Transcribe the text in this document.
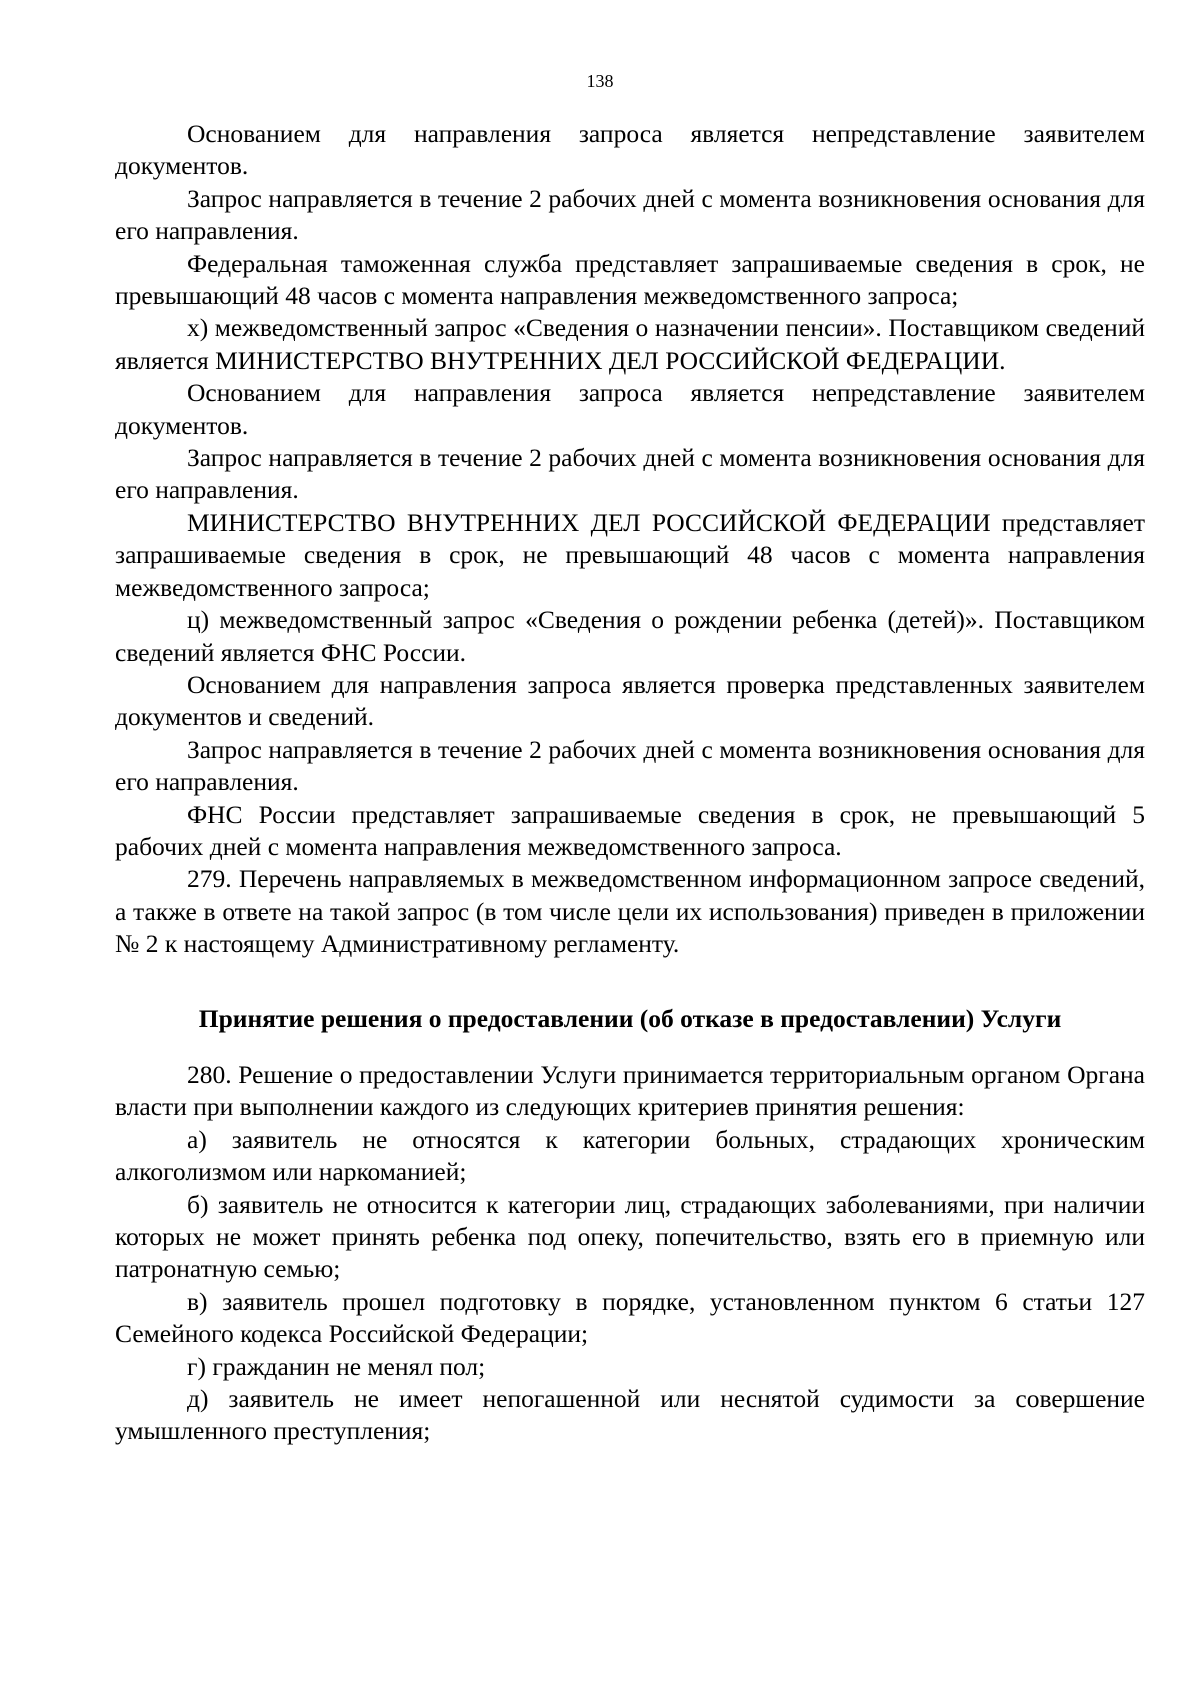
138

Основанием для направления запроса является непредставление заявителем документов.

Запрос направляется в течение 2 рабочих дней с момента возникновения основания для его направления.

Федеральная таможенная служба представляет запрашиваемые сведения в срок, не превышающий 48 часов с момента направления межведомственного запроса;

х) межведомственный запрос «Сведения о назначении пенсии». Поставщиком сведений является МИНИСТЕРСТВО ВНУТРЕННИХ ДЕЛ РОССИЙСКОЙ ФЕДЕРАЦИИ.

Основанием для направления запроса является непредставление заявителем документов.

Запрос направляется в течение 2 рабочих дней с момента возникновения основания для его направления.

МИНИСТЕРСТВО ВНУТРЕННИХ ДЕЛ РОССИЙСКОЙ ФЕДЕРАЦИИ представляет запрашиваемые сведения в срок, не превышающий 48 часов с момента направления межведомственного запроса;

ц) межведомственный запрос «Сведения о рождении ребенка (детей)». Поставщиком сведений является ФНС России.

Основанием для направления запроса является проверка представленных заявителем документов и сведений.

Запрос направляется в течение 2 рабочих дней с момента возникновения основания для его направления.

ФНС России представляет запрашиваемые сведения в срок, не превышающий 5 рабочих дней с момента направления межведомственного запроса.

279. Перечень направляемых в межведомственном информационном запросе сведений, а также в ответе на такой запрос (в том числе цели их использования) приведен в приложении № 2 к настоящему Административному регламенту.

Принятие решения о предоставлении (об отказе в предоставлении) Услуги

280. Решение о предоставлении Услуги принимается территориальным органом Органа власти при выполнении каждого из следующих критериев принятия решения:

а) заявитель не относятся к категории больных, страдающих хроническим алкоголизмом или наркоманией;

б) заявитель не относится к категории лиц, страдающих заболеваниями, при наличии которых не может принять ребенка под опеку, попечительство, взять его в приемную или патронатную семью;

в) заявитель прошел подготовку в порядке, установленном пунктом 6 статьи 127 Семейного кодекса Российской Федерации;

г) гражданин не менял пол;

д) заявитель не имеет непогашенной или неснятой судимости за совершение умышленного преступления;
